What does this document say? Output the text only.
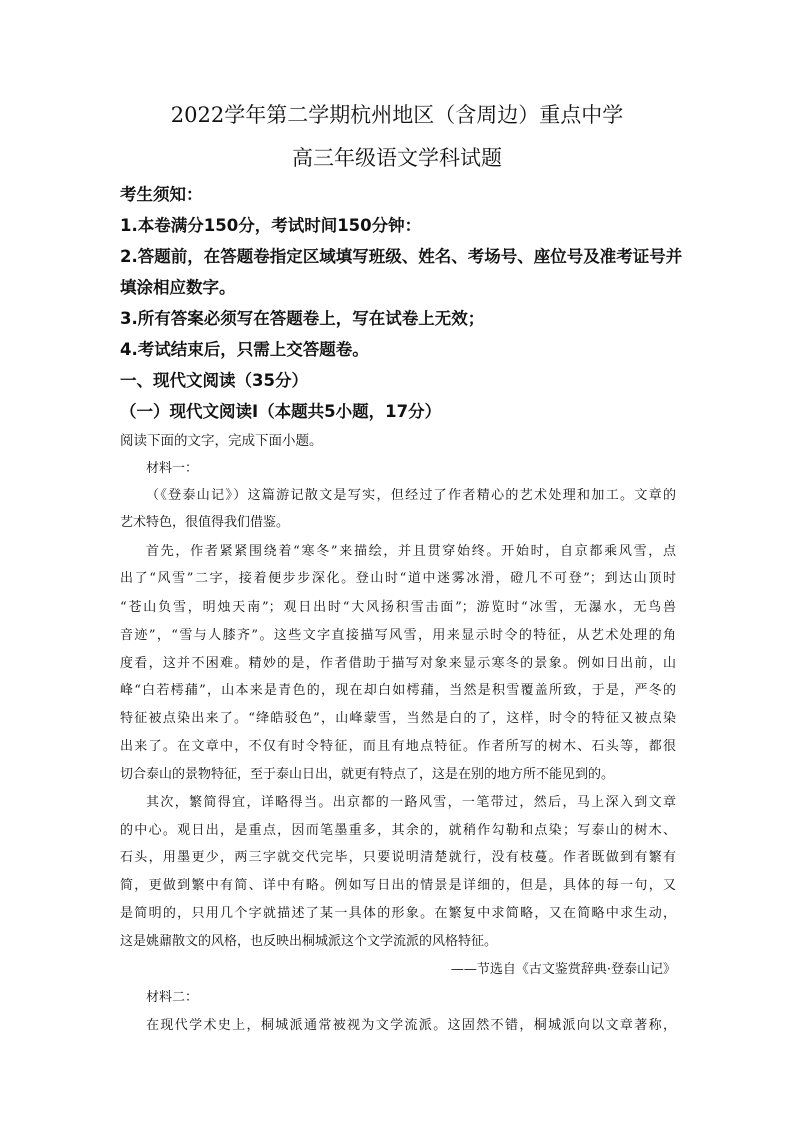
2022学年第二学期杭州地区（含周边）重点中学
高三年级语文学科试题
考生须知：
1.本卷满分150分，考试时间150分钟：
2.答题前，在答题卷指定区域填写班级、姓名、考场号、座位号及准考证号并
填涂相应数字。
3.所有答案必须写在答题卷上，写在试卷上无效；
4.考试结束后，只需上交答题卷。
一、现代文阅读（35分）
（一）现代文阅读Ⅰ（本题共5小题，17分）
阅读下面的文字，完成下面小题。
材料一：
（《登泰山记》）这篇游记散文是写实，但经过了作者精心的艺术处理和加工。文章的
艺术特色，很值得我们借鉴。
首先，作者紧紧围绕着“寒冬”来描绘，并且贯穿始终。开始时，自京都乘风雪，点
出了“风雪”二字，接着便步步深化。登山时“道中迷雾冰滑，磴几不可登”；到达山顶时
“苍山负雪，明烛天南”；观日出时“大风扬积雪击面”；游览时“冰雪，无瀑水，无鸟兽
音迹”，“雪与人膝齐”。这些文字直接描写风雪，用来显示时令的特征，从艺术处理的角
度看，这并不困难。精妙的是，作者借助于描写对象来显示寒冬的景象。例如日出前，山
峰“白若樗蒱”，山本来是青色的，现在却白如樗蒱，当然是积雪覆盖所致，于是，严冬的
特征被点染出来了。“绛皓驳色”，山峰蒙雪，当然是白的了，这样，时令的特征又被点染
出来了。在文章中，不仅有时令特征，而且有地点特征。作者所写的树木、石头等，都很
切合泰山的景物特征，至于泰山日出，就更有特点了，这是在别的地方所不能见到的。
其次，繁简得宜，详略得当。出京都的一路风雪，一笔带过，然后，马上深入到文章
的中心。观日出，是重点，因而笔墨重多，其余的，就稍作勾勒和点染；写泰山的树木、
石头，用墨更少，两三字就交代完毕，只要说明清楚就行，没有枝蔓。作者既做到有繁有
简，更做到繁中有简、详中有略。例如写日出的情景是详细的，但是，具体的每一句，又
是简明的，只用几个字就描述了某一具体的形象。在繁复中求简略，又在简略中求生动，
这是姚鼐散文的风格，也反映出桐城派这个文学流派的风格特征。
——节选自《古文鉴赏辞典·登泰山记》
材料二：
在现代学术史上，桐城派通常被视为文学流派。这固然不错，桐城派向以文章著称，
